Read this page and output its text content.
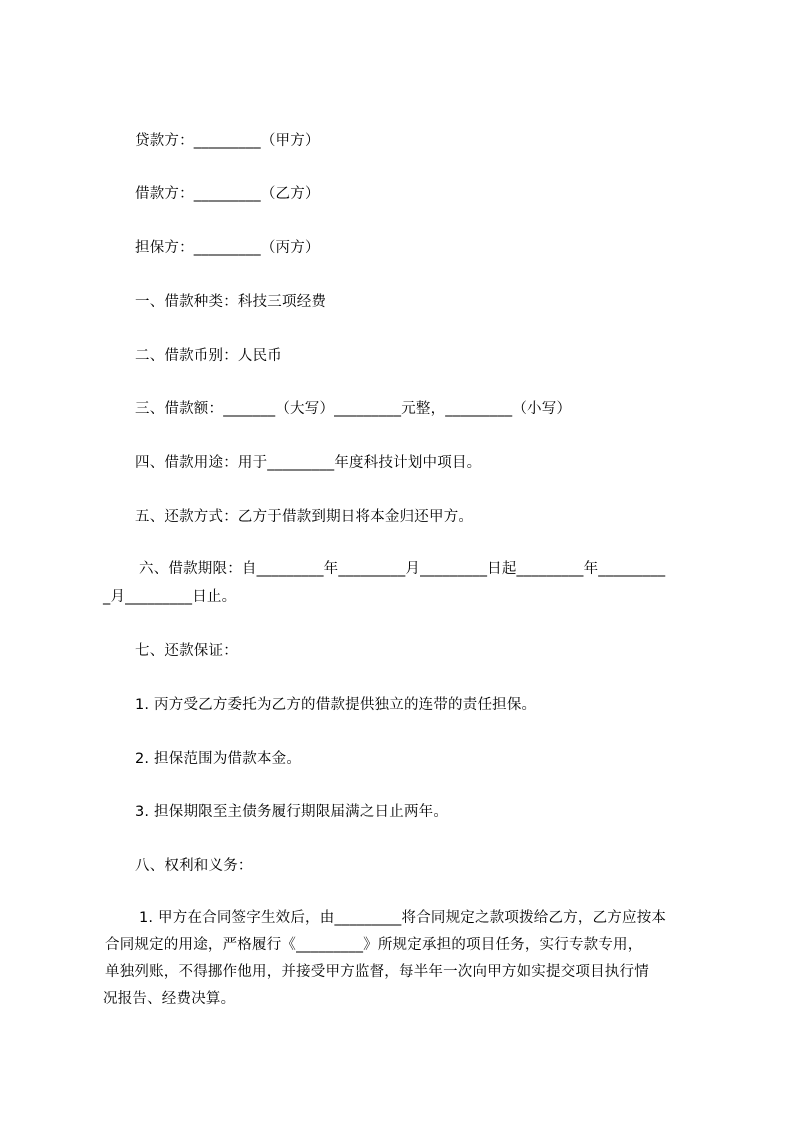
贷款方：_________（甲方）
借款方：_________（乙方）
担保方：_________（丙方）
一、借款种类：科技三项经费
二、借款币别：人民币
三、借款额：_______（大写）_________元整，_________（小写）
四、借款用途：用于_________年度科技计划中项目。
五、还款方式：乙方于借款到期日将本金归还甲方。
六、借款期限：自_________年_________月_________日起_________年_________
_月_________日止。
七、还款保证：
1. 丙方受乙方委托为乙方的借款提供独立的连带的责任担保。
2. 担保范围为借款本金。
3. 担保期限至主债务履行期限届满之日止两年。
八、权利和义务：
1. 甲方在合同签字生效后，由_________将合同规定之款项拨给乙方，乙方应按本
合同规定的用途，严格履行《_________》所规定承担的项目任务，实行专款专用，
单独列账，不得挪作他用，并接受甲方监督，每半年一次向甲方如实提交项目执行情
况报告、经费决算。
